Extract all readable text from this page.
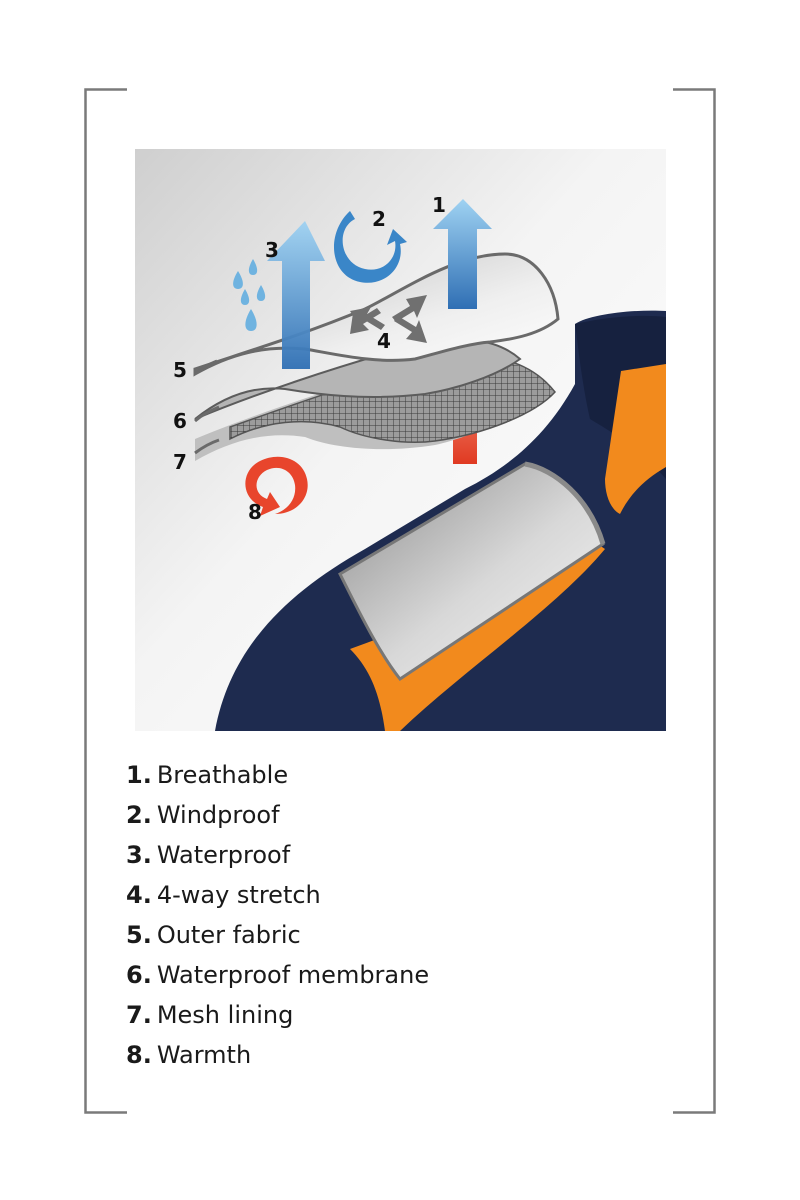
1
2
3
4
5
6
7
8
1. Breathable
2. Windproof
3. Waterproof
4. 4-way stretch
5. Outer fabric
6. Waterproof membrane
7. Mesh lining
8. Warmth
